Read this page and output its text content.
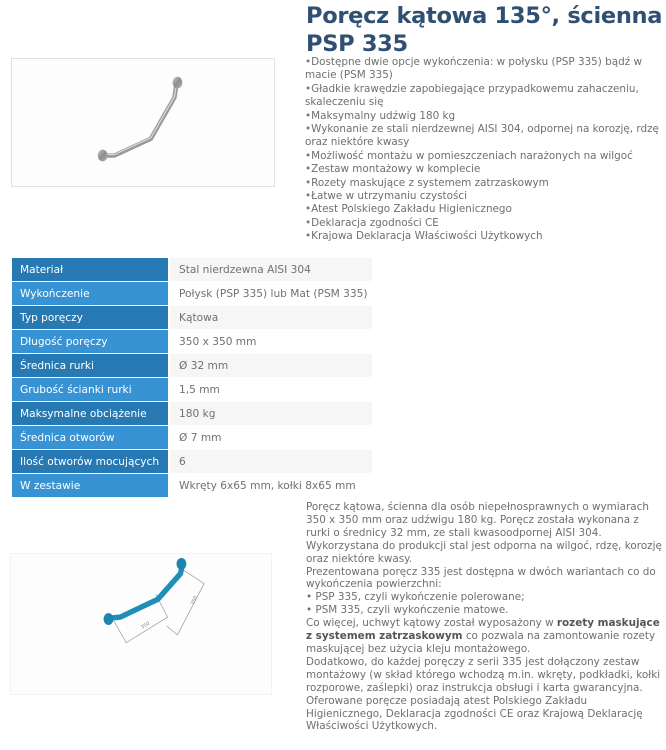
Poręcz kątowa 135°, ścienna
PSP 335
• Dostępne dwie opcje wykończenia: w połysku (PSP 335) bądź w macie (PSM 335)
• Gładkie krawędzie zapobiegające przypadkowemu zahaczeniu, skaleczeniu się
• Maksymalny udźwig 180 kg
• Wykonanie ze stali nierdzewnej AISI 304, odpornej na korozję, rdzę oraz niektóre kwasy
• Możliwość montażu w pomieszczeniach narażonych na wilgoć
• Zestaw montażowy w komplecie
• Rozety maskujące z systemem zatrzaskowym
• Łatwe w utrzymaniu czystości
• Atest Polskiego Zakładu Higienicznego
• Deklaracja zgodności CE
• Krajowa Deklaracja Właściwości Użytkowych
Materiał	Stal nierdzewna AISI 304
Wykończenie	Połysk (PSP 335) lub Mat (PSM 335)
Typ poręczy	Kątowa
Długość poręczy	350 x 350 mm
Średnica rurki	Ø 32 mm
Grubość ścianki rurki	1,5 mm
Maksymalne obciążenie	180 kg
Średnica otworów	Ø 7 mm
Ilość otworów mocujących	6
W zestawie	Wkręty 6x65 mm, kołki 8x65 mm
350
350

Poręcz kątowa, ścienna dla osób niepełnosprawnych o wymiarach 350 x 350 mm oraz udźwigu 180 kg. Poręcz została wykonana z rurki o średnicy 32 mm, ze stali kwasoodpornej AISI 304. Wykorzystana do produkcji stal jest odporna na wilgoć, rdzę, korozję oraz niektóre kwasy.

Prezentowana poręcz 335 jest dostępna w dwóch wariantach co do wykończenia powierzchni:

• PSP 335, czyli wykończenie polerowane;

• PSM 335, czyli wykończenie matowe.

Co więcej, uchwyt kątowy został wyposażony w rozety maskujące z systemem zatrzaskowym co pozwala na zamontowanie rozety maskującej bez użycia kleju montażowego.

Dodatkowo, do każdej poręczy z serii 335 jest dołączony zestaw montażowy (w skład którego wchodzą m.in. wkręty, podkładki, kołki rozporowe, zaślepki) oraz instrukcja obsługi i karta gwarancyjna. Oferowane poręcze posiadają atest Polskiego Zakładu Higienicznego, Deklaracja zgodności CE oraz Krajową Deklarację Właściwości Użytkowych.
